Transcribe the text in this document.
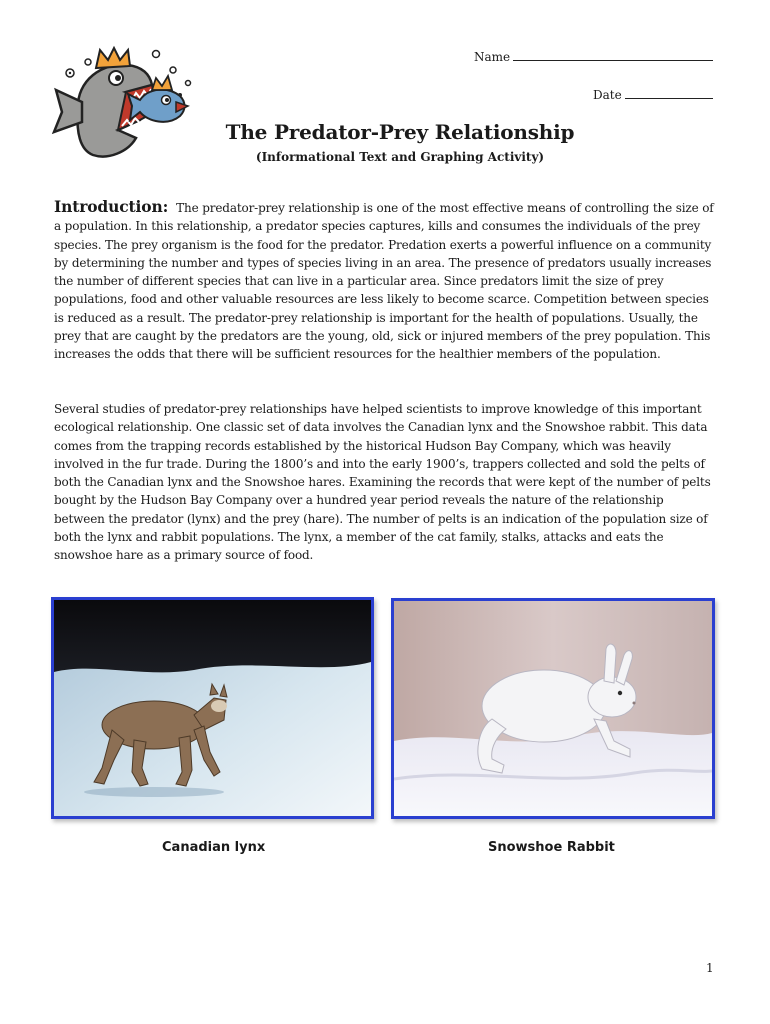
Name
Date
The Predator-Prey Relationship
(Informational Text and Graphing Activity)

Introduction: The predator-prey relationship is one of the most effective means of controlling the size of a population. In this relationship, a predator species captures, kills and consumes the individuals of the prey species. The prey organism is the food for the predator. Predation exerts a powerful influence on a community by determining the number and types of species living in an area. The presence of predators usually increases the number of different species that can live in a particular area. Since predators limit the size of prey populations, food and other valuable resources are less likely to become scarce. Competition between species is reduced as a result. The predator-prey relationship is important for the health of populations. Usually, the prey that are caught by the predators are the young, old, sick or injured members of the prey population. This increases the odds that there will be sufficient resources for the healthier members of the population.

Several studies of predator-prey relationships have helped scientists to improve knowledge of this important ecological relationship. One classic set of data involves the Canadian lynx and the Snowshoe rabbit. This data comes from the trapping records established by the historical Hudson Bay Company, which was heavily involved in the fur trade. During the 1800’s and into the early 1900’s, trappers collected and sold the pelts of both the Canadian lynx and the Snowshoe hares. Examining the records that were kept of the number of pelts bought by the Hudson Bay Company over a hundred year period reveals the nature of the relationship between the predator (lynx) and the prey (hare). The number of pelts is an indication of the population size of both the lynx and rabbit populations. The lynx, a member of the cat family, stalks, attacks and eats the snowshoe hare as a primary source of food.

Canadian lynx	Snowshoe Rabbit
1
